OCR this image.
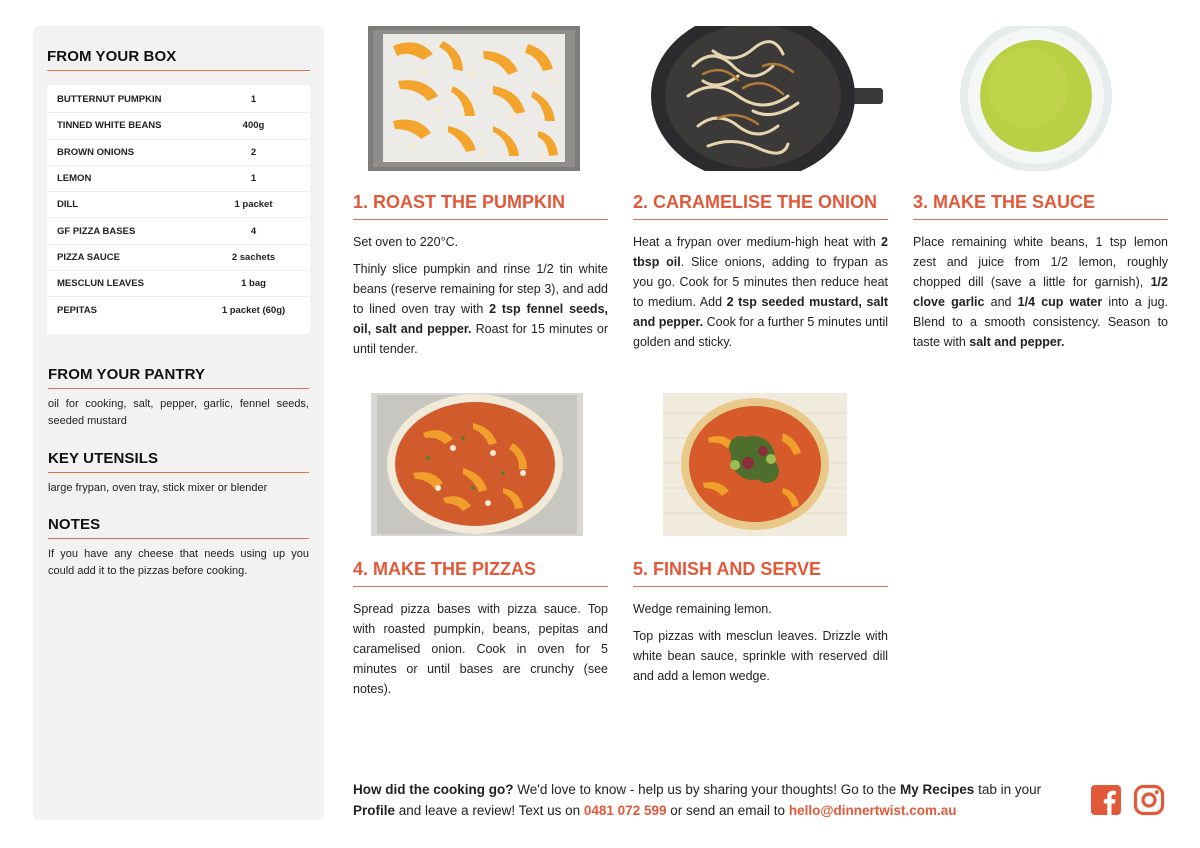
FROM YOUR BOX
BUTTERNUT PUMPKIN	1
TINNED WHITE BEANS	400g
BROWN ONIONS	2
LEMON	1
DILL	1 packet
GF PIZZA BASES	4
PIZZA SAUCE	2 sachets
MESCLUN LEAVES	1 bag
PEPITAS	1 packet (60g)
FROM YOUR PANTRY
oil for cooking, salt, pepper, garlic, fennel seeds, seeded mustard
KEY UTENSILS
large frypan, oven tray, stick mixer or blender
NOTES
If you have any cheese that needs using up you could add it to the pizzas before cooking.
1. ROAST THE PUMPKIN

Set oven to 220°C.

Thinly slice pumpkin and rinse 1/2 tin white beans (reserve remaining for step 3), and add to lined oven tray with 2 tsp fennel seeds, oil, salt and pepper. Roast for 15 minutes or until tender.

2. CARAMELISE THE ONION

Heat a frypan over medium-high heat with 2 tbsp oil. Slice onions, adding to frypan as you go. Cook for 5 minutes then reduce heat to medium. Add 2 tsp seeded mustard, salt and pepper. Cook for a further 5 minutes until golden and sticky.

3. MAKE THE SAUCE

Place remaining white beans, 1 tsp lemon zest and juice from 1/2 lemon, roughly chopped dill (save a little for garnish), 1/2 clove garlic and 1/4 cup water into a jug. Blend to a smooth consistency. Season to taste with salt and pepper.

4. MAKE THE PIZZAS

Spread pizza bases with pizza sauce. Top with roasted pumpkin, beans, pepitas and caramelised onion. Cook in oven for 5 minutes or until bases are crunchy (see notes).

5. FINISH AND SERVE

Wedge remaining lemon.

Top pizzas with mesclun leaves. Drizzle with white bean sauce, sprinkle with reserved dill and add a lemon wedge.

How did the cooking go? We'd love to know - help us by sharing your thoughts! Go to the My Recipes tab in your Profile and leave a review! Text us on 0481 072 599 or send an email to hello@dinnertwist.com.au
